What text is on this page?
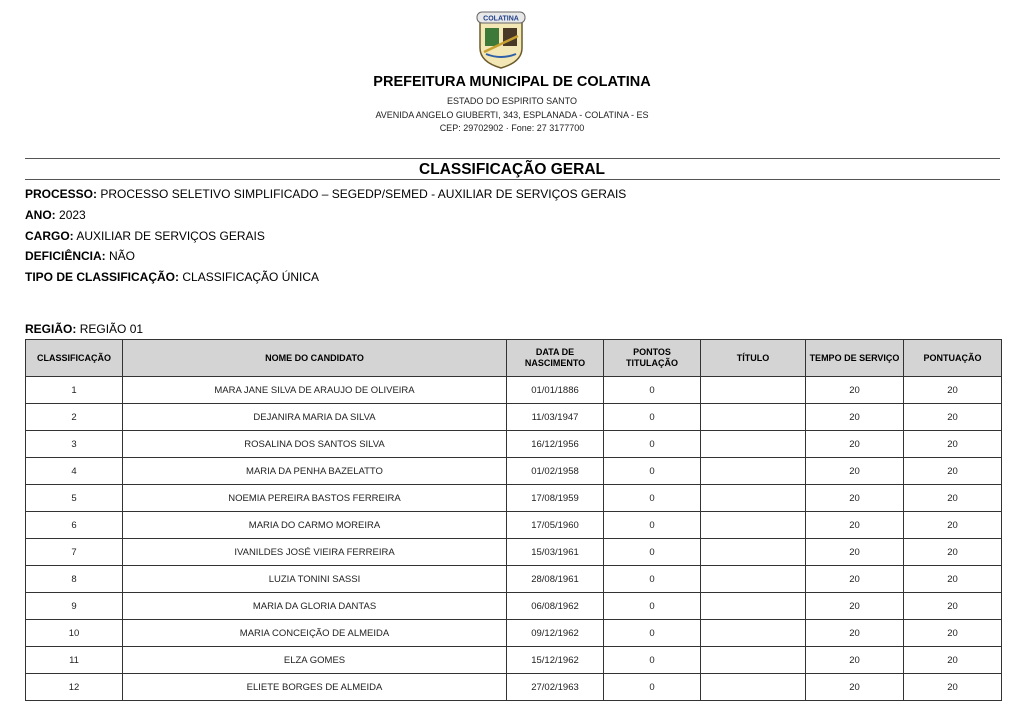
COLATINA
PREFEITURA MUNICIPAL DE COLATINA
ESTADO DO ESPIRITO SANTO
AVENIDA ANGELO GIUBERTI, 343, ESPLANADA - COLATINA - ES
CEP: 29702902 · Fone: 27 3177700
CLASSIFICAÇÃO GERAL
PROCESSO: PROCESSO SELETIVO SIMPLIFICADO – SEGEDP/SEMED - AUXILIAR DE SERVIÇOS GERAIS
ANO: 2023
CARGO: AUXILIAR DE SERVIÇOS GERAIS
DEFICIÊNCIA: NÃO
TIPO DE CLASSIFICAÇÃO: CLASSIFICAÇÃO ÚNICA
REGIÃO: REGIÃO 01
CLASSIFICAÇÃO	NOME DO CANDIDATO	DATA DE NASCIMENTO	PONTOS TITULAÇÃO	TÍTULO	TEMPO DE SERVIÇO	PONTUAÇÃO
1	MARA JANE SILVA DE ARAUJO DE OLIVEIRA	01/01/1886	0		20	20
2	DEJANIRA MARIA DA SILVA	11/03/1947	0		20	20
3	ROSALINA DOS SANTOS SILVA	16/12/1956	0		20	20
4	MARIA DA PENHA BAZELATTO	01/02/1958	0		20	20
5	NOEMIA PEREIRA BASTOS FERREIRA	17/08/1959	0		20	20
6	MARIA DO CARMO MOREIRA	17/05/1960	0		20	20
7	IVANILDES JOSÉ VIEIRA FERREIRA	15/03/1961	0		20	20
8	LUZIA TONINI SASSI	28/08/1961	0		20	20
9	MARIA DA GLORIA DANTAS	06/08/1962	0		20	20
10	MARIA CONCEIÇÃO DE ALMEIDA	09/12/1962	0		20	20
11	ELZA GOMES	15/12/1962	0		20	20
12	ELIETE BORGES DE ALMEIDA	27/02/1963	0		20	20
